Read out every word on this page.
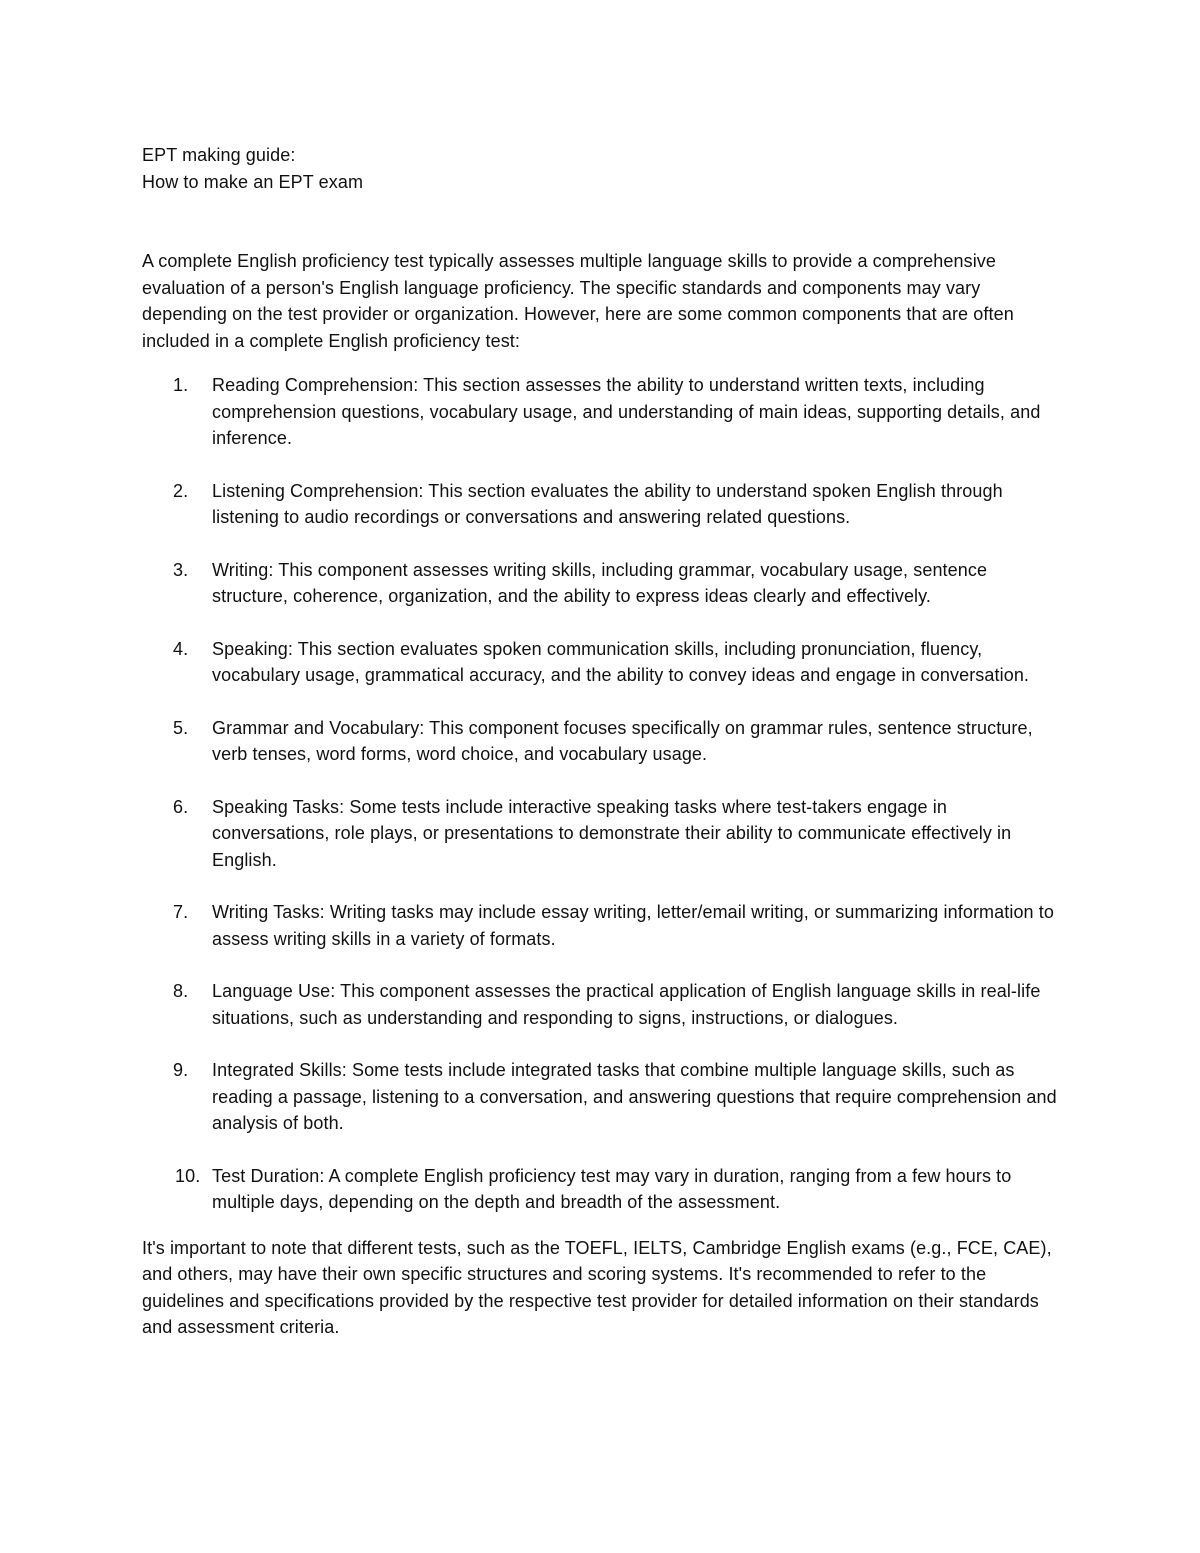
EPT making guide:

How to make an EPT exam

A complete English proficiency test typically assesses multiple language skills to provide a comprehensive evaluation of a person's English language proficiency. The specific standards and components may vary depending on the test provider or organization. However, here are some common components that are often included in a complete English proficiency test:

1.	Reading Comprehension: This section assesses the ability to understand written texts, including comprehension questions, vocabulary usage, and understanding of main ideas, supporting details, and inference.
2.	Listening Comprehension: This section evaluates the ability to understand spoken English through listening to audio recordings or conversations and answering related questions.
3.	Writing: This component assesses writing skills, including grammar, vocabulary usage, sentence structure, coherence, organization, and the ability to express ideas clearly and effectively.
4.	Speaking: This section evaluates spoken communication skills, including pronunciation, fluency, vocabulary usage, grammatical accuracy, and the ability to convey ideas and engage in conversation.
5.	Grammar and Vocabulary: This component focuses specifically on grammar rules, sentence structure, verb tenses, word forms, word choice, and vocabulary usage.
6.	Speaking Tasks: Some tests include interactive speaking tasks where test-takers engage in conversations, role plays, or presentations to demonstrate their ability to communicate effectively in English.
7.	Writing Tasks: Writing tasks may include essay writing, letter/email writing, or summarizing information to assess writing skills in a variety of formats.
8.	Language Use: This component assesses the practical application of English language skills in real-life situations, such as understanding and responding to signs, instructions, or dialogues.
9.	Integrated Skills: Some tests include integrated tasks that combine multiple language skills, such as reading a passage, listening to a conversation, and answering questions that require comprehension and analysis of both.
10. Test Duration: A complete English proficiency test may vary in duration, ranging from a few hours to multiple days, depending on the depth and breadth of the assessment.

It's important to note that different tests, such as the TOEFL, IELTS, Cambridge English exams (e.g., FCE, CAE), and others, may have their own specific structures and scoring systems. It's recommended to refer to the guidelines and specifications provided by the respective test provider for detailed information on their standards and assessment criteria.
